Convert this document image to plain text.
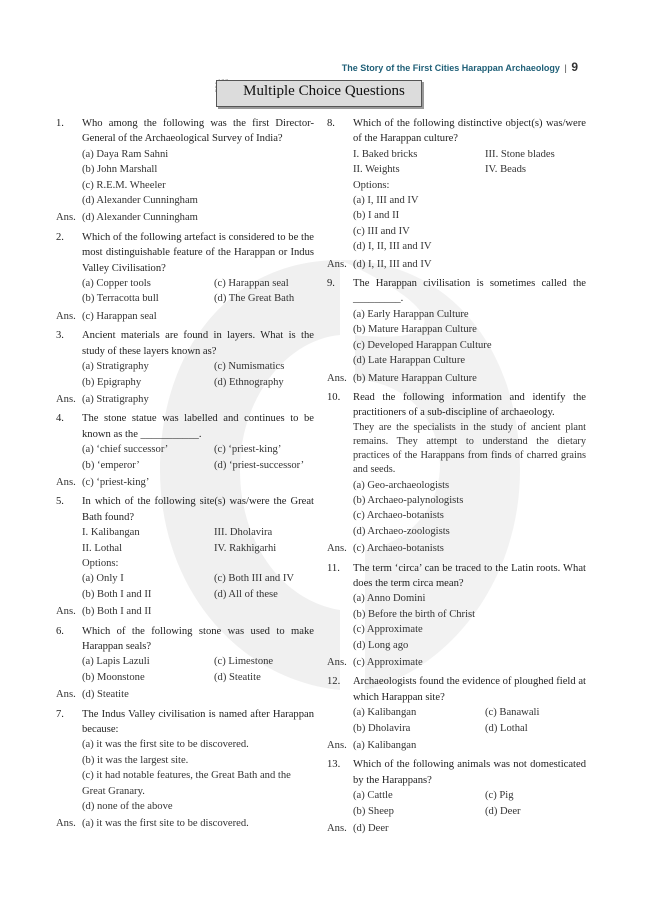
The Story of the First Cities Harappan Archaeology | 9
Multiple Choice Questions
1.	Who among the following was the first Director-General of the Archaeological Survey of India?
(a) Daya Ram Sahni
(b) John Marshall
(c) R.E.M. Wheeler
(d) Alexander Cunningham
Ans. (d) Alexander Cunningham
2.	Which of the following artefact is considered to be the most distinguishable feature of the Harappan or Indus Valley Civilisation?
(a) Copper tools	(c) Harappan seal
(b) Terracotta bull	(d) The Great Bath
Ans. (c) Harappan seal
3.	Ancient materials are found in layers. What is the study of these layers known as?
(a) Stratigraphy	(c) Numismatics
(b) Epigraphy	(d) Ethnography
Ans. (a) Stratigraphy
4.	The stone statue was labelled and continues to be known as the ___________.
(a) ‘chief successor’	(c) ‘priest-king’
(b) ‘emperor’	(d) ‘priest-successor’
Ans. (c) ‘priest-king’
5.	In which of the following site(s) was/were the Great Bath found?
I. Kalibangan	III. Dholavira
II. Lothal	IV. Rakhigarhi
Options:
(a) Only I	(c) Both III and IV
(b) Both I and II	(d) All of these
Ans. (b) Both I and II
6.	Which of the following stone was used to make Harappan seals?
(a) Lapis Lazuli	(c) Limestone
(b) Moonstone	(d) Steatite
Ans. (d) Steatite
7.	The Indus Valley civilisation is named after Harappan because:
(a) it was the first site to be discovered.
(b) it was the largest site.
(c) it had notable features, the Great Bath and the Great Granary.
(d) none of the above
Ans. (a) it was the first site to be discovered.
8.	Which of the following distinctive object(s) was/were of the Harappan culture?
I. Baked bricks	III. Stone blades
II. Weights	IV. Beads
Options:
(a) I, III and IV
(b) I and II
(c) III and IV
(d) I, II, III and IV
Ans. (d) I, II, III and IV
9.	The Harappan civilisation is sometimes called the _________.
(a) Early Harappan Culture
(b) Mature Harappan Culture
(c) Developed Harappan Culture
(d) Late Harappan Culture
Ans. (b) Mature Harappan Culture
10.	Read the following information and identify the practitioners of a sub-discipline of archaeology.
They are the specialists in the study of ancient plant remains. They attempt to understand the dietary practices of the Harappans from finds of charred grains and seeds.
(a) Geo-archaeologists
(b) Archaeo-palynologists
(c) Archaeo-botanists
(d) Archaeo-zoologists
Ans. (c) Archaeo-botanists
11.	The term ‘circa’ can be traced to the Latin roots. What does the term circa mean?
(a) Anno Domini
(b) Before the birth of Christ
(c) Approximate
(d) Long ago
Ans. (c) Approximate
12.	Archaeologists found the evidence of ploughed field at which Harappan site?
(a) Kalibangan	(c) Banawali
(b) Dholavira	(d) Lothal
Ans. (a) Kalibangan
13.	Which of the following animals was not domesticated by the Harappans?
(a) Cattle	(c) Pig
(b) Sheep	(d) Deer
Ans. (d) Deer
